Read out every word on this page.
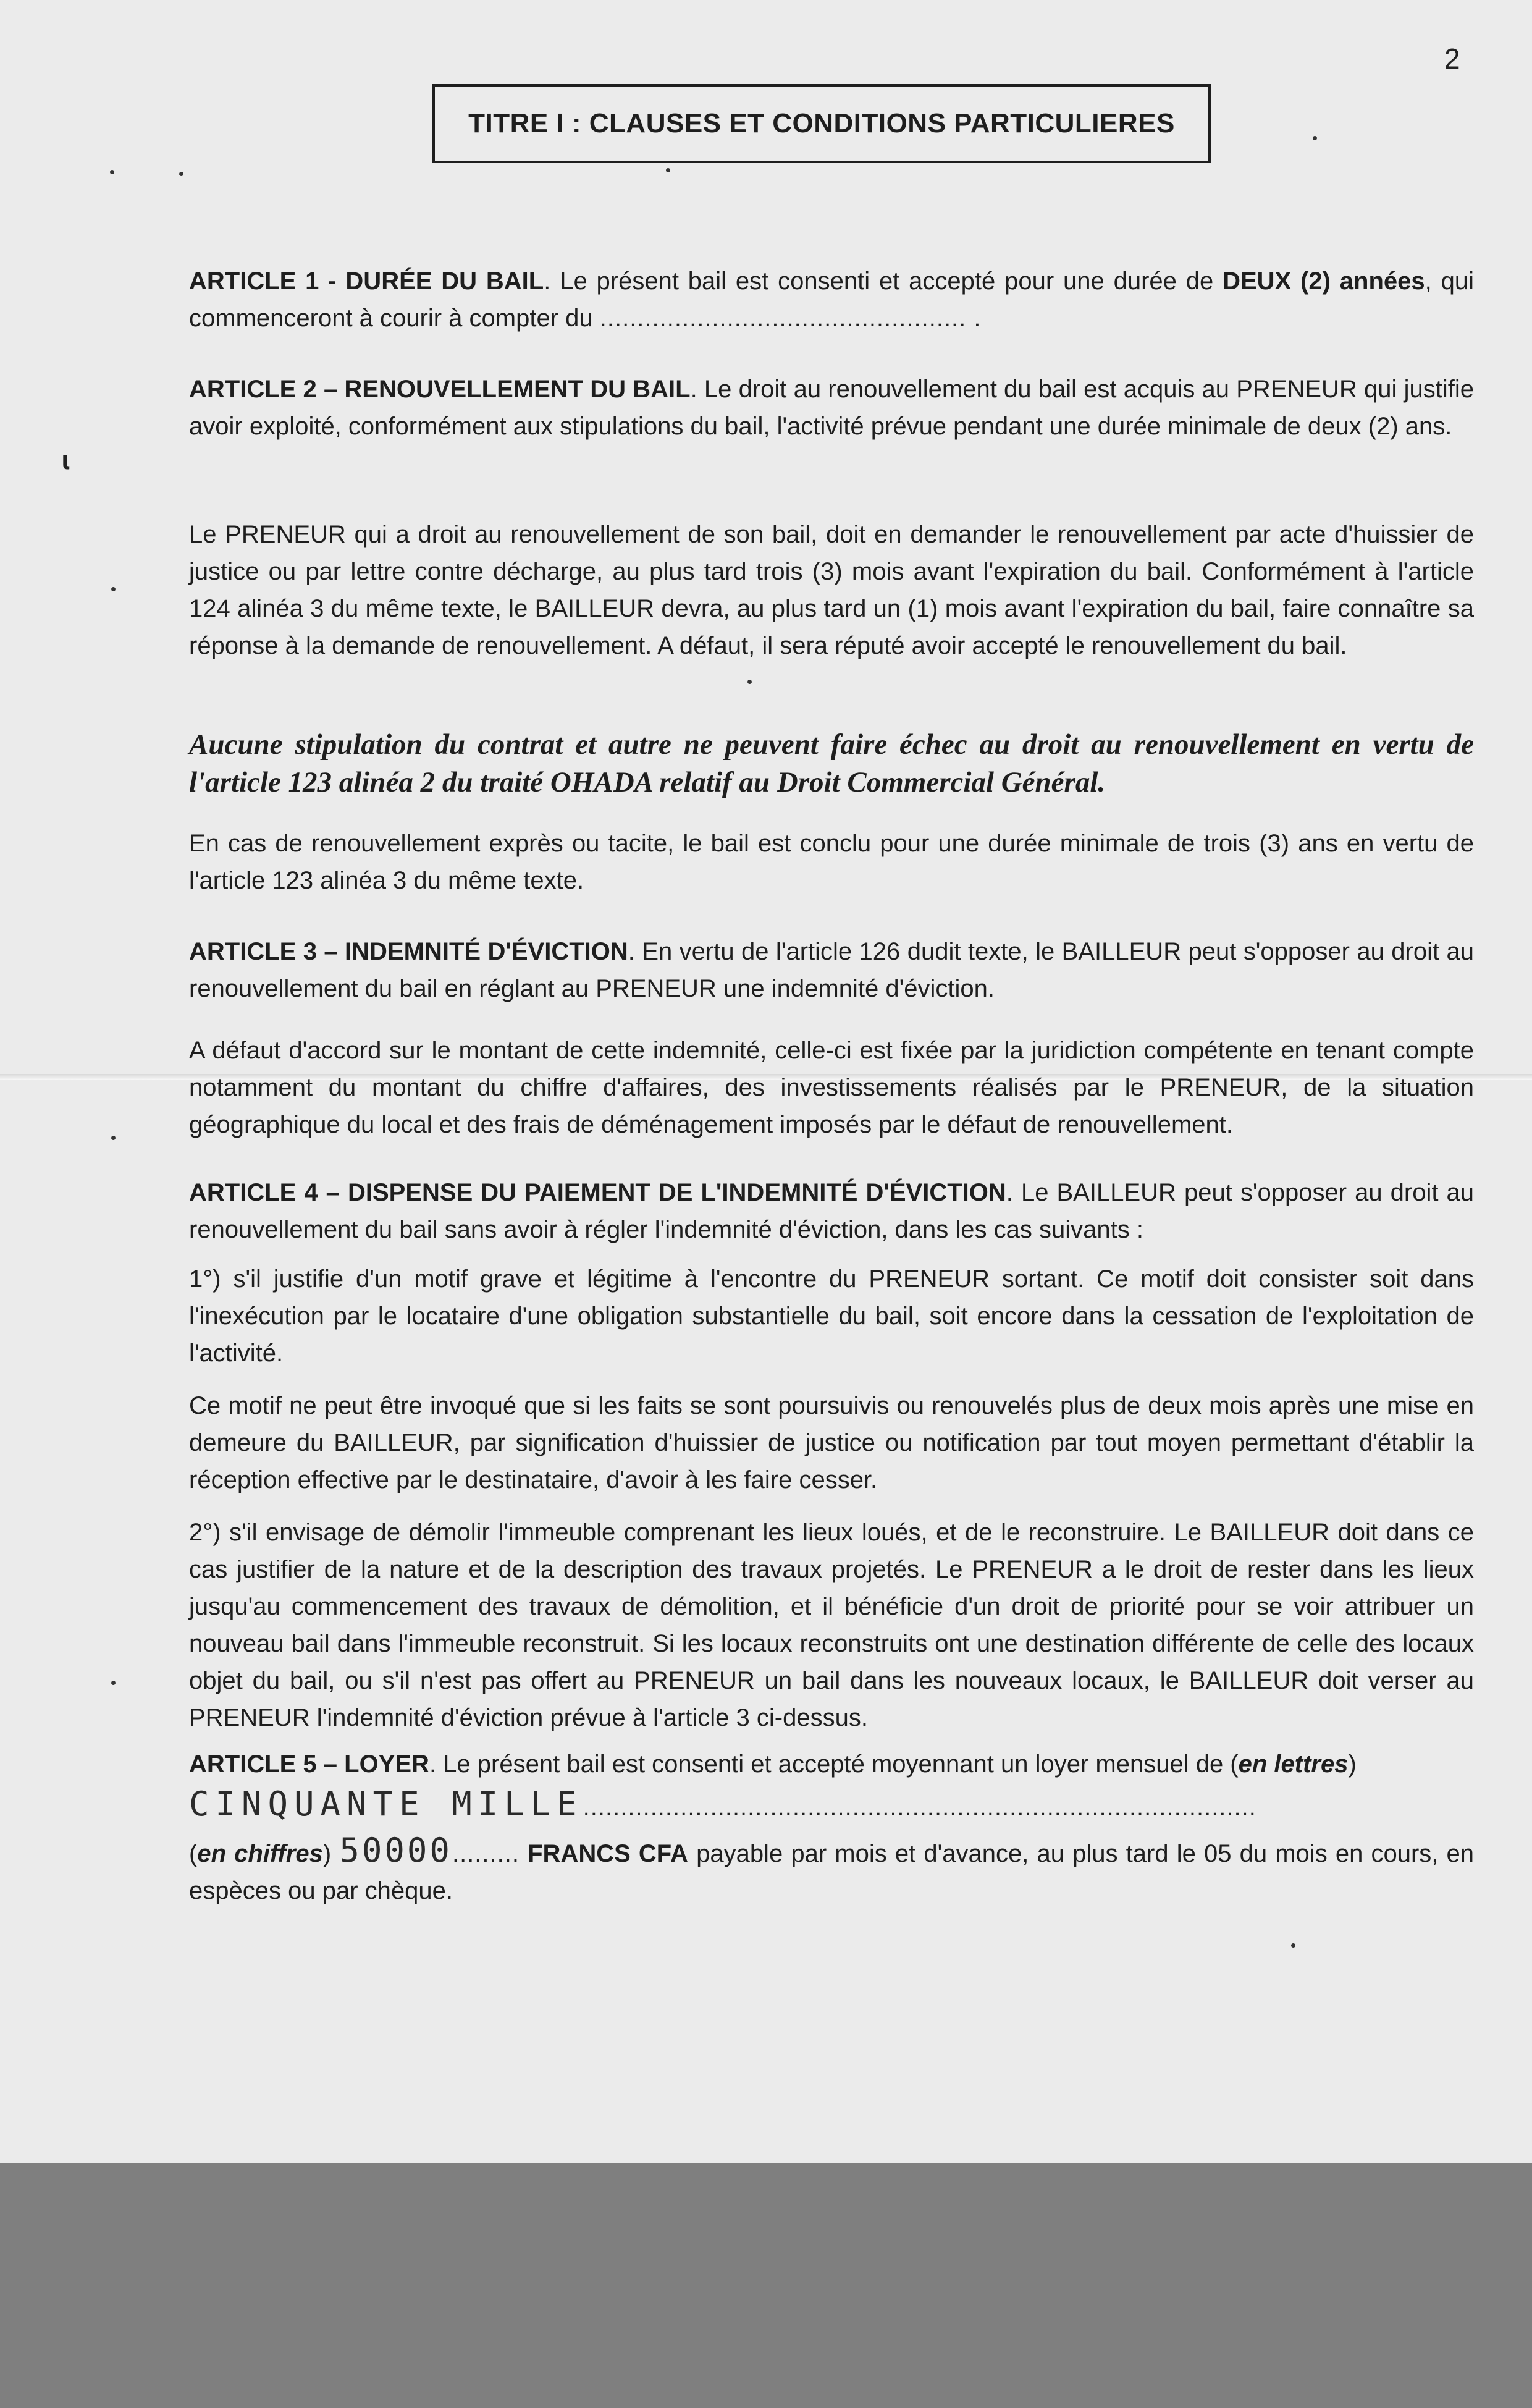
2
TITRE I : CLAUSES ET CONDITIONS PARTICULIERES
ɩ
ARTICLE 1 - DURÉE DU BAIL. Le présent bail est consenti et accepté pour une durée de DEUX (2) années, qui commenceront à courir à compter du ................................................. .
ARTICLE 2 – RENOUVELLEMENT DU BAIL. Le droit au renouvellement du bail est acquis au PRENEUR qui justifie avoir exploité, conformément aux stipulations du bail, l'activité prévue pendant une durée minimale de deux (2) ans.
Le PRENEUR qui a droit au renouvellement de son bail, doit en demander le renouvellement par acte d'huissier de justice ou par lettre contre décharge, au plus tard trois (3) mois avant l'expiration du bail. Conformément à l'article 124 alinéa 3 du même texte, le BAILLEUR devra, au plus tard un (1) mois avant l'expiration du bail, faire connaître sa réponse à la demande de renouvellement. A défaut, il sera réputé avoir accepté le renouvellement du bail.
Aucune stipulation du contrat et autre ne peuvent faire échec au droit au renouvellement en vertu de l'article 123 alinéa 2 du traité OHADA relatif au Droit Commercial Général.
En cas de renouvellement exprès ou tacite, le bail est conclu pour une durée minimale de trois (3) ans en vertu de l'article 123 alinéa 3 du même texte.
ARTICLE 3 – INDEMNITÉ D'ÉVICTION. En vertu de l'article 126 dudit texte, le BAILLEUR peut s'opposer au droit au renouvellement du bail en réglant au PRENEUR une indemnité d'éviction.
A défaut d'accord sur le montant de cette indemnité, celle-ci est fixée par la juridiction compétente en tenant compte notamment du montant du chiffre d'affaires, des investissements réalisés par le PRENEUR, de la situation géographique du local et des frais de déménagement imposés par le défaut de renouvellement.
ARTICLE 4 – DISPENSE DU PAIEMENT DE L'INDEMNITÉ D'ÉVICTION. Le BAILLEUR peut s'opposer au droit au renouvellement du bail sans avoir à régler l'indemnité d'éviction, dans les cas suivants :
1°) s'il justifie d'un motif grave et légitime à l'encontre du PRENEUR sortant. Ce motif doit consister soit dans l'inexécution par le locataire d'une obligation substantielle du bail, soit encore dans la cessation de l'exploitation de l'activité.
Ce motif ne peut être invoqué que si les faits se sont poursuivis ou renouvelés plus de deux mois après une mise en demeure du BAILLEUR, par signification d'huissier de justice ou notification par tout moyen permettant d'établir la réception effective par le destinataire, d'avoir à les faire cesser.
2°) s'il envisage de démolir l'immeuble comprenant les lieux loués, et de le reconstruire. Le BAILLEUR doit dans ce cas justifier de la nature et de la description des travaux projetés. Le PRENEUR a le droit de rester dans les lieux jusqu'au commencement des travaux de démolition, et il bénéficie d'un droit de priorité pour se voir attribuer un nouveau bail dans l'immeuble reconstruit. Si les locaux reconstruits ont une destination différente de celle des locaux objet du bail, ou s'il n'est pas offert au PRENEUR un bail dans les nouveaux locaux, le BAILLEUR doit verser au PRENEUR l'indemnité d'éviction prévue à l'article 3 ci-dessus.
ARTICLE 5 – LOYER. Le présent bail est consenti et accepté moyennant un loyer mensuel de (en lettres)
CINQUANTE MILLE..........................................................................................
(en chiffres) 50000......... FRANCS CFA payable par mois et d'avance, au plus tard le 05 du mois en cours, en espèces ou par chèque.
